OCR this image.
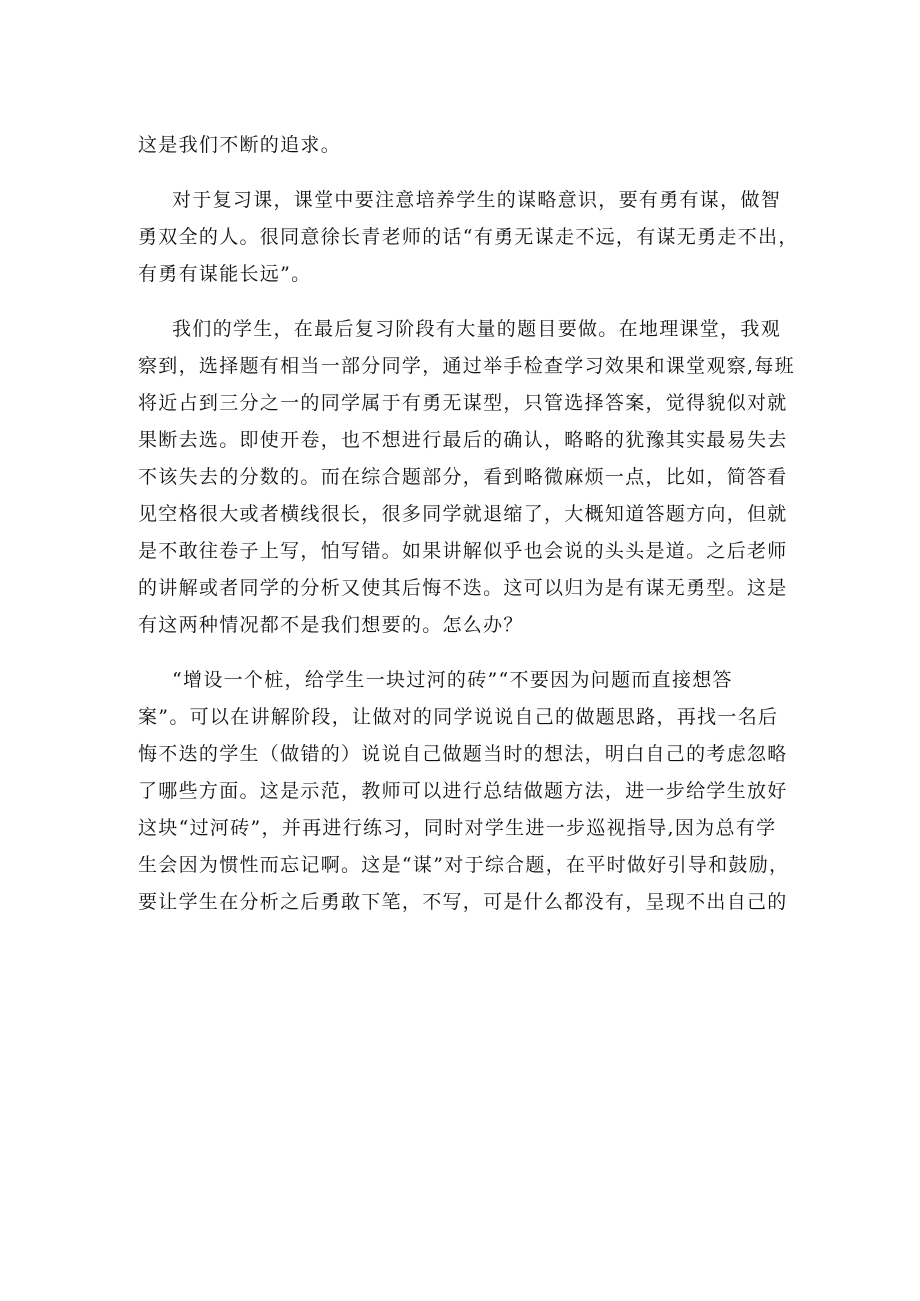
这是我们不断的追求。
对于复习课，课堂中要注意培养学生的谋略意识，要有勇有谋，做智
勇双全的人。很同意徐长青老师的话“有勇无谋走不远，有谋无勇走不出，
有勇有谋能长远”。
我们的学生，在最后复习阶段有大量的题目要做。在地理课堂，我观
察到，选择题有相当一部分同学，通过举手检查学习效果和课堂观察,每班
将近占到三分之一的同学属于有勇无谋型，只管选择答案，觉得貌似对就
果断去选。即使开卷，也不想进行最后的确认，略略的犹豫其实最易失去
不该失去的分数的。而在综合题部分，看到略微麻烦一点，比如，简答看
见空格很大或者横线很长，很多同学就退缩了，大概知道答题方向，但就
是不敢往卷子上写，怕写错。如果讲解似乎也会说的头头是道。之后老师
的讲解或者同学的分析又使其后悔不迭。这可以归为是有谋无勇型。这是
有这两种情况都不是我们想要的。怎么办？
“增设一个桩，给学生一块过河的砖”“不要因为问题而直接想答
案”。可以在讲解阶段，让做对的同学说说自己的做题思路，再找一名后
悔不迭的学生（做错的）说说自己做题当时的想法，明白自己的考虑忽略
了哪些方面。这是示范，教师可以进行总结做题方法，进一步给学生放好
这块“过河砖”，并再进行练习，同时对学生进一步巡视指导,因为总有学
生会因为惯性而忘记啊。这是“谋”对于综合题，在平时做好引导和鼓励，
要让学生在分析之后勇敢下笔，不写，可是什么都没有，呈现不出自己的
